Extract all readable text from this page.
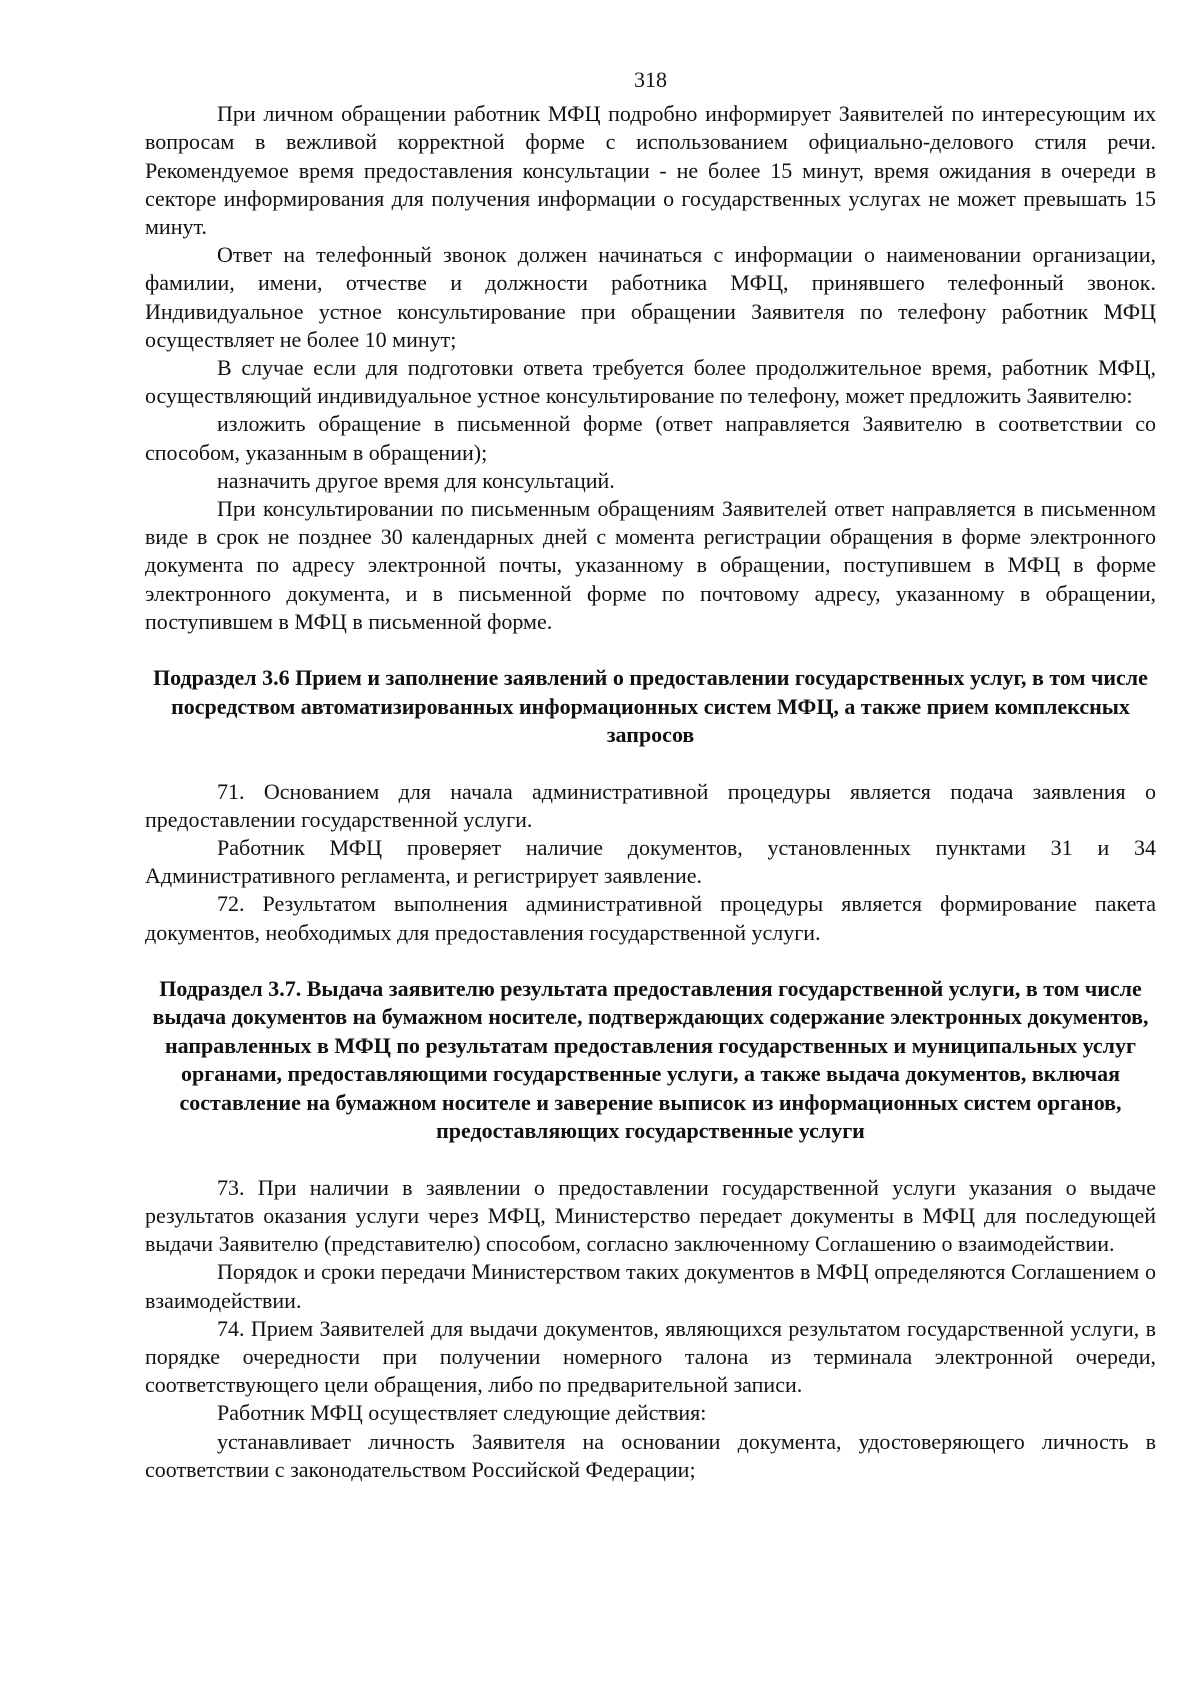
318

При личном обращении работник МФЦ подробно информирует Заявителей по интересующим их вопросам в вежливой корректной форме с использованием официально-делового стиля речи. Рекомендуемое время предоставления консультации - не более 15 минут, время ожидания в очереди в секторе информирования для получения информации о государственных услугах не может превышать 15 минут.

Ответ на телефонный звонок должен начинаться с информации о наименовании организации, фамилии, имени, отчестве и должности работника МФЦ, принявшего телефонный звонок. Индивидуальное устное консультирование при обращении Заявителя по телефону работник МФЦ осуществляет не более 10 минут;

В случае если для подготовки ответа требуется более продолжительное время, работник МФЦ, осуществляющий индивидуальное устное консультирование по телефону, может предложить Заявителю:

изложить обращение в письменной форме (ответ направляется Заявителю в соответствии со способом, указанным в обращении);

назначить другое время для консультаций.

При консультировании по письменным обращениям Заявителей ответ направляется в письменном виде в срок не позднее 30 календарных дней с момента регистрации обращения в форме электронного документа по адресу электронной почты, указанному в обращении, поступившем в МФЦ в форме электронного документа, и в письменной форме по почтовому адресу, указанному в обращении, поступившем в МФЦ в письменной форме.

Подраздел 3.6 Прием и заполнение заявлений о предоставлении государственных услуг, в том числе посредством автоматизированных информационных систем МФЦ, а также прием комплексных запросов

71. Основанием для начала административной процедуры является подача заявления о предоставлении государственной услуги.

Работник МФЦ проверяет наличие документов, установленных пунктами 31 и 34 Административного регламента, и регистрирует заявление.

72. Результатом выполнения административной процедуры является формирование пакета документов, необходимых для предоставления государственной услуги.

Подраздел 3.7. Выдача заявителю результата предоставления государственной услуги, в том числе выдача документов на бумажном носителе, подтверждающих содержание электронных документов, направленных в МФЦ по результатам предоставления государственных и муниципальных услуг органами, предоставляющими государственные услуги, а также выдача документов, включая составление на бумажном носителе и заверение выписок из информационных систем органов, предоставляющих государственные услуги

73. При наличии в заявлении о предоставлении государственной услуги указания о выдаче результатов оказания услуги через МФЦ, Министерство передает документы в МФЦ для последующей выдачи Заявителю (представителю) способом, согласно заключенному Соглашению о взаимодействии.

Порядок и сроки передачи Министерством таких документов в МФЦ определяются Соглашением о взаимодействии.

74. Прием Заявителей для выдачи документов, являющихся результатом государственной услуги, в порядке очередности при получении номерного талона из терминала электронной очереди, соответствующего цели обращения, либо по предварительной записи.

Работник МФЦ осуществляет следующие действия:

устанавливает личность Заявителя на основании документа, удостоверяющего личность в соответствии с законодательством Российской Федерации;
